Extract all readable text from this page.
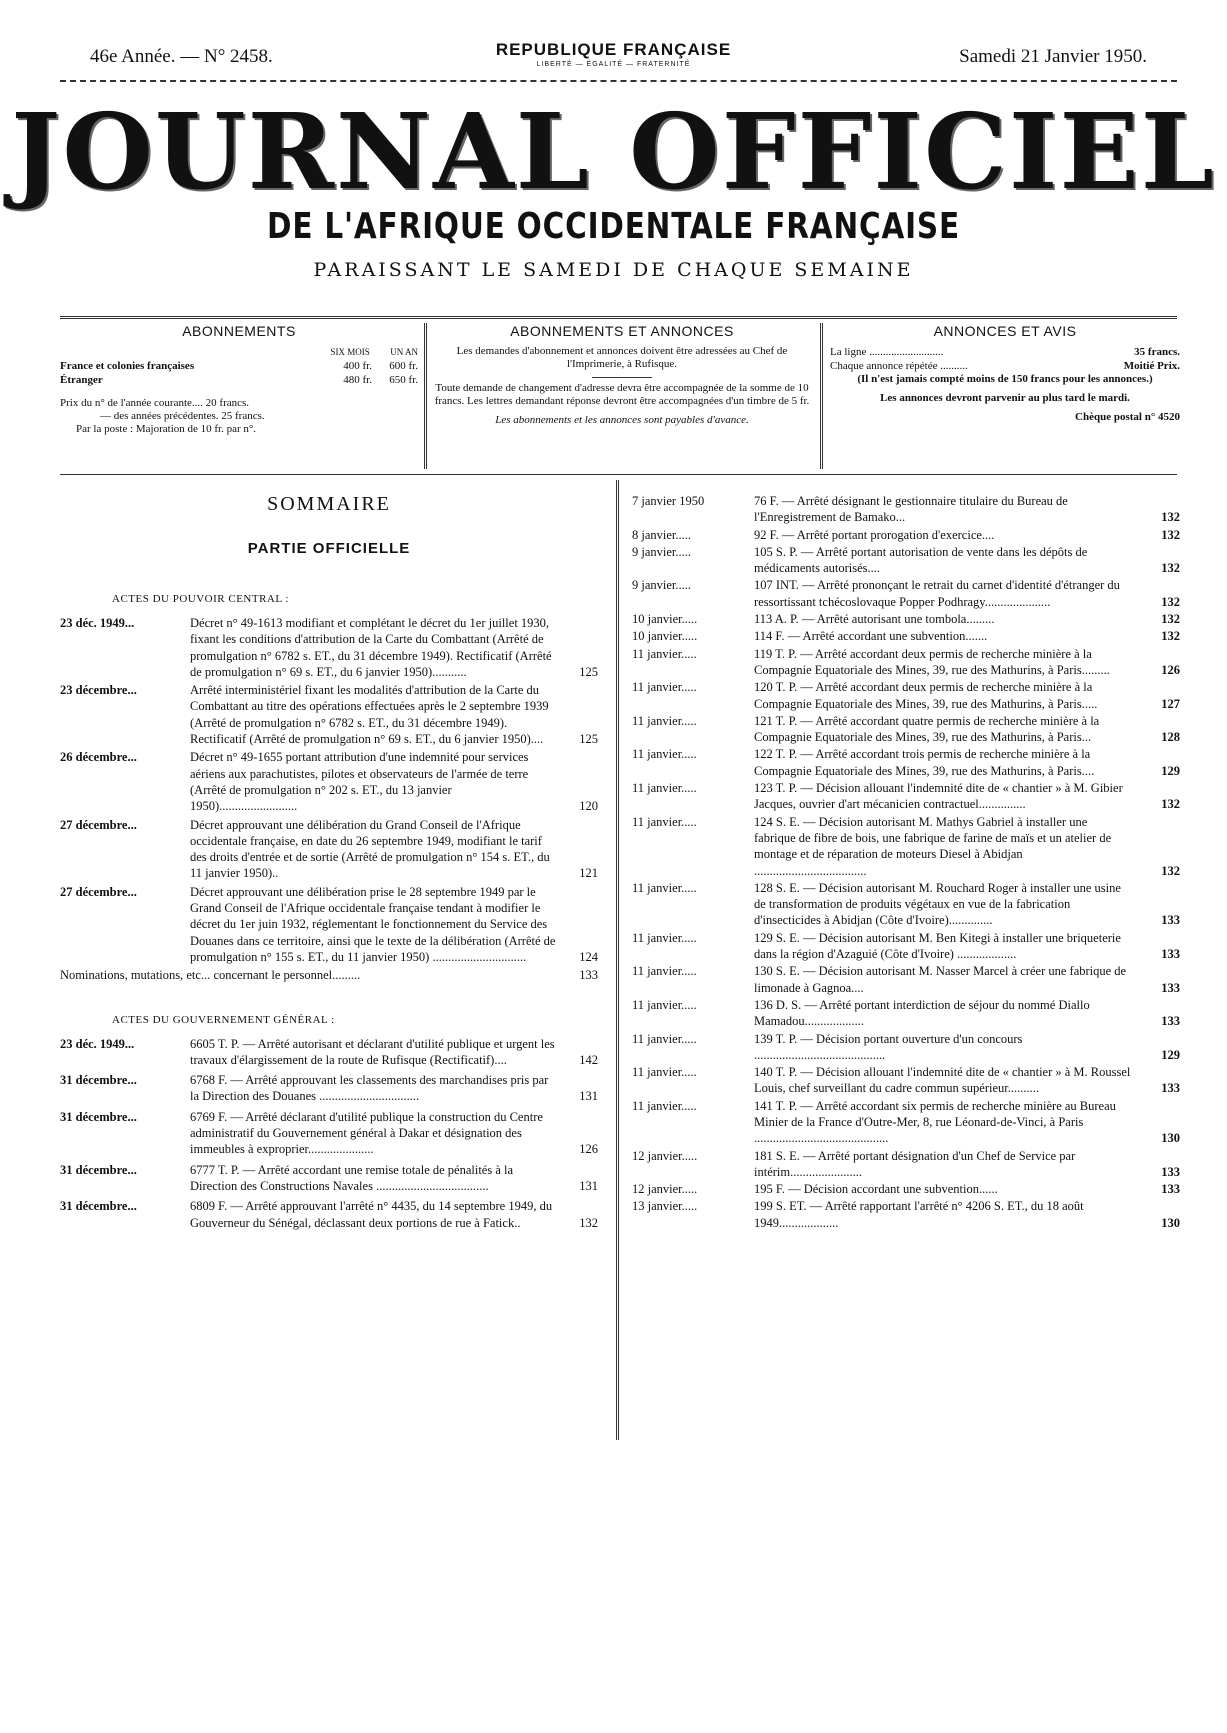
46e Année. — N° 2458.	REPUBLIQUE FRANÇAISE
LIBERTÉ — ÉGALITÉ — FRATERNITÉ	Samedi 21 Janvier 1950.
JOURNAL OFFICIEL
DE L'AFRIQUE OCCIDENTALE FRANÇAISE
PARAISSANT LE SAMEDI DE CHAQUE SEMAINE
ABONNEMENTS
SIX MOIS UN AN
France et colonies françaises	400 fr. 600 fr.
Étranger	480 fr. 650 fr.
Prix du n° de l'année courante.... 20 francs.
— des années précédentes. 25 francs.
Par la poste : Majoration de 10 fr. par n°.
ABONNEMENTS ET ANNONCES
Les demandes d'abonnement et annonces doivent être adressées au Chef de l'Imprimerie, à Rufisque.
Toute demande de changement d'adresse devra être accompagnée de la somme de 10 francs. Les lettres demandant réponse devront être accompagnées d'un timbre de 5 fr.
Les abonnements et les annonces sont payables d'avance.
ANNONCES ET AVIS
La ligne ...........................	35 francs.
Chaque annonce répétée ..........	Moitié Prix.
(Il n'est jamais compté moins de 150 francs pour les annonces.)
Les annonces devront parvenir au plus tard le mardi.
Chèque postal n° 4520
SOMMAIRE
PARTIE OFFICIELLE
ACTES DU POUVOIR CENTRAL :
23 déc. 1949...	Décret n° 49-1613 modifiant et complétant le décret du 1er juillet 1930, fixant les conditions d'attribution de la Carte du Combattant (Arrêté de promulgation n° 6782 s. ET., du 31 décembre 1949). Rectificatif (Arrêté de promulgation n° 69 s. ET., du 6 janvier 1950)...........	125
23 décembre...	Arrêté interministériel fixant les modalités d'attribution de la Carte du Combattant au titre des opérations effectuées après le 2 septembre 1939 (Arrêté de promulgation n° 6782 s. ET., du 31 décembre 1949). Rectificatif (Arrêté de promulgation n° 69 s. ET., du 6 janvier 1950)....	125
26 décembre...	Décret n° 49-1655 portant attribution d'une indemnité pour services aériens aux parachutistes, pilotes et observateurs de l'armée de terre (Arrêté de promulgation n° 202 s. ET., du 13 janvier 1950).........................	120
27 décembre...	Décret approuvant une délibération du Grand Conseil de l'Afrique occidentale française, en date du 26 septembre 1949, modifiant le tarif des droits d'entrée et de sortie (Arrêté de promulgation n° 154 s. ET., du 11 janvier 1950)..	121
27 décembre...	Décret approuvant une délibération prise le 28 septembre 1949 par le Grand Conseil de l'Afrique occidentale française tendant à modifier le décret du 1er juin 1932, réglementant le fonctionnement du Service des Douanes dans ce territoire, ainsi que le texte de la délibération (Arrêté de promulgation n° 155 s. ET., du 11 janvier 1950) ..............................	124
Nominations, mutations, etc... concernant le personnel.........	133
ACTES DU GOUVERNEMENT GÉNÉRAL :
23 déc. 1949...	6605 T. P. — Arrêté autorisant et déclarant d'utilité publique et urgent les travaux d'élargissement de la route de Rufisque (Rectificatif)....	142
31 décembre...	6768 F. — Arrêté approuvant les classements des marchandises pris par la Direction des Douanes ................................	131
31 décembre...	6769 F. — Arrêté déclarant d'utilité publique la construction du Centre administratif du Gouvernement général à Dakar et désignation des immeubles à exproprier.....................	126
31 décembre...	6777 T. P. — Arrêté accordant une remise totale de pénalités à la Direction des Constructions Navales ....................................	131
31 décembre...	6809 F. — Arrêté approuvant l'arrêté n° 4435, du 14 septembre 1949, du Gouverneur du Sénégal, déclassant deux portions de rue à Fatick..	132
7 janvier 1950	76 F. — Arrêté désignant le gestionnaire titulaire du Bureau de l'Enregistrement de Bamako...	132
8 janvier.....	92 F. — Arrêté portant prorogation d'exercice....	132
9 janvier.....	105 S. P. — Arrêté portant autorisation de vente dans les dépôts de médicaments autorisés....	132
9 janvier.....	107 INT. — Arrêté prononçant le retrait du carnet d'identité d'étranger du ressortissant tchécoslovaque Popper Podhragy.....................	132
10 janvier.....	113 A. P. — Arrêté autorisant une tombola.........	132
10 janvier.....	114 F. — Arrêté accordant une subvention.......	132
11 janvier.....	119 T. P. — Arrêté accordant deux permis de recherche minière à la Compagnie Equatoriale des Mines, 39, rue des Mathurins, à Paris.........	126
11 janvier.....	120 T. P. — Arrêté accordant deux permis de recherche minière à la Compagnie Equatoriale des Mines, 39, rue des Mathurins, à Paris.....	127
11 janvier.....	121 T. P. — Arrêté accordant quatre permis de recherche minière à la Compagnie Equatoriale des Mines, 39, rue des Mathurins, à Paris...	128
11 janvier.....	122 T. P. — Arrêté accordant trois permis de recherche minière à la Compagnie Equatoriale des Mines, 39, rue des Mathurins, à Paris....	129
11 janvier.....	123 T. P. — Décision allouant l'indemnité dite de « chantier » à M. Gibier Jacques, ouvrier d'art mécanicien contractuel...............	132
11 janvier.....	124 S. E. — Décision autorisant M. Mathys Gabriel à installer une fabrique de fibre de bois, une fabrique de farine de maïs et un atelier de montage et de réparation de moteurs Diesel à Abidjan ....................................	132
11 janvier.....	128 S. E. — Décision autorisant M. Rouchard Roger à installer une usine de transformation de produits végétaux en vue de la fabrication d'insecticides à Abidjan (Côte d'Ivoire)..............	133
11 janvier.....	129 S. E. — Décision autorisant M. Ben Kitegi à installer une briqueterie dans la région d'Azaguié (Côte d'Ivoire) ...................	133
11 janvier.....	130 S. E. — Décision autorisant M. Nasser Marcel à créer une fabrique de limonade à Gagnoa....	133
11 janvier.....	136 D. S. — Arrêté portant interdiction de séjour du nommé Diallo Mamadou...................	133
11 janvier.....	139 T. P. — Décision portant ouverture d'un concours ..........................................	129
11 janvier.....	140 T. P. — Décision allouant l'indemnité dite de « chantier » à M. Roussel Louis, chef surveillant du cadre commun supérieur..........	133
11 janvier.....	141 T. P. — Arrêté accordant six permis de recherche minière au Bureau Minier de la France d'Outre-Mer, 8, rue Léonard-de-Vinci, à Paris ...........................................	130
12 janvier.....	181 S. E. — Arrêté portant désignation d'un Chef de Service par intérim.......................	133
12 janvier.....	195 F. — Décision accordant une subvention......	133
13 janvier.....	199 S. ET. — Arrêté rapportant l'arrêté n° 4206 S. ET., du 18 août 1949...................	130
